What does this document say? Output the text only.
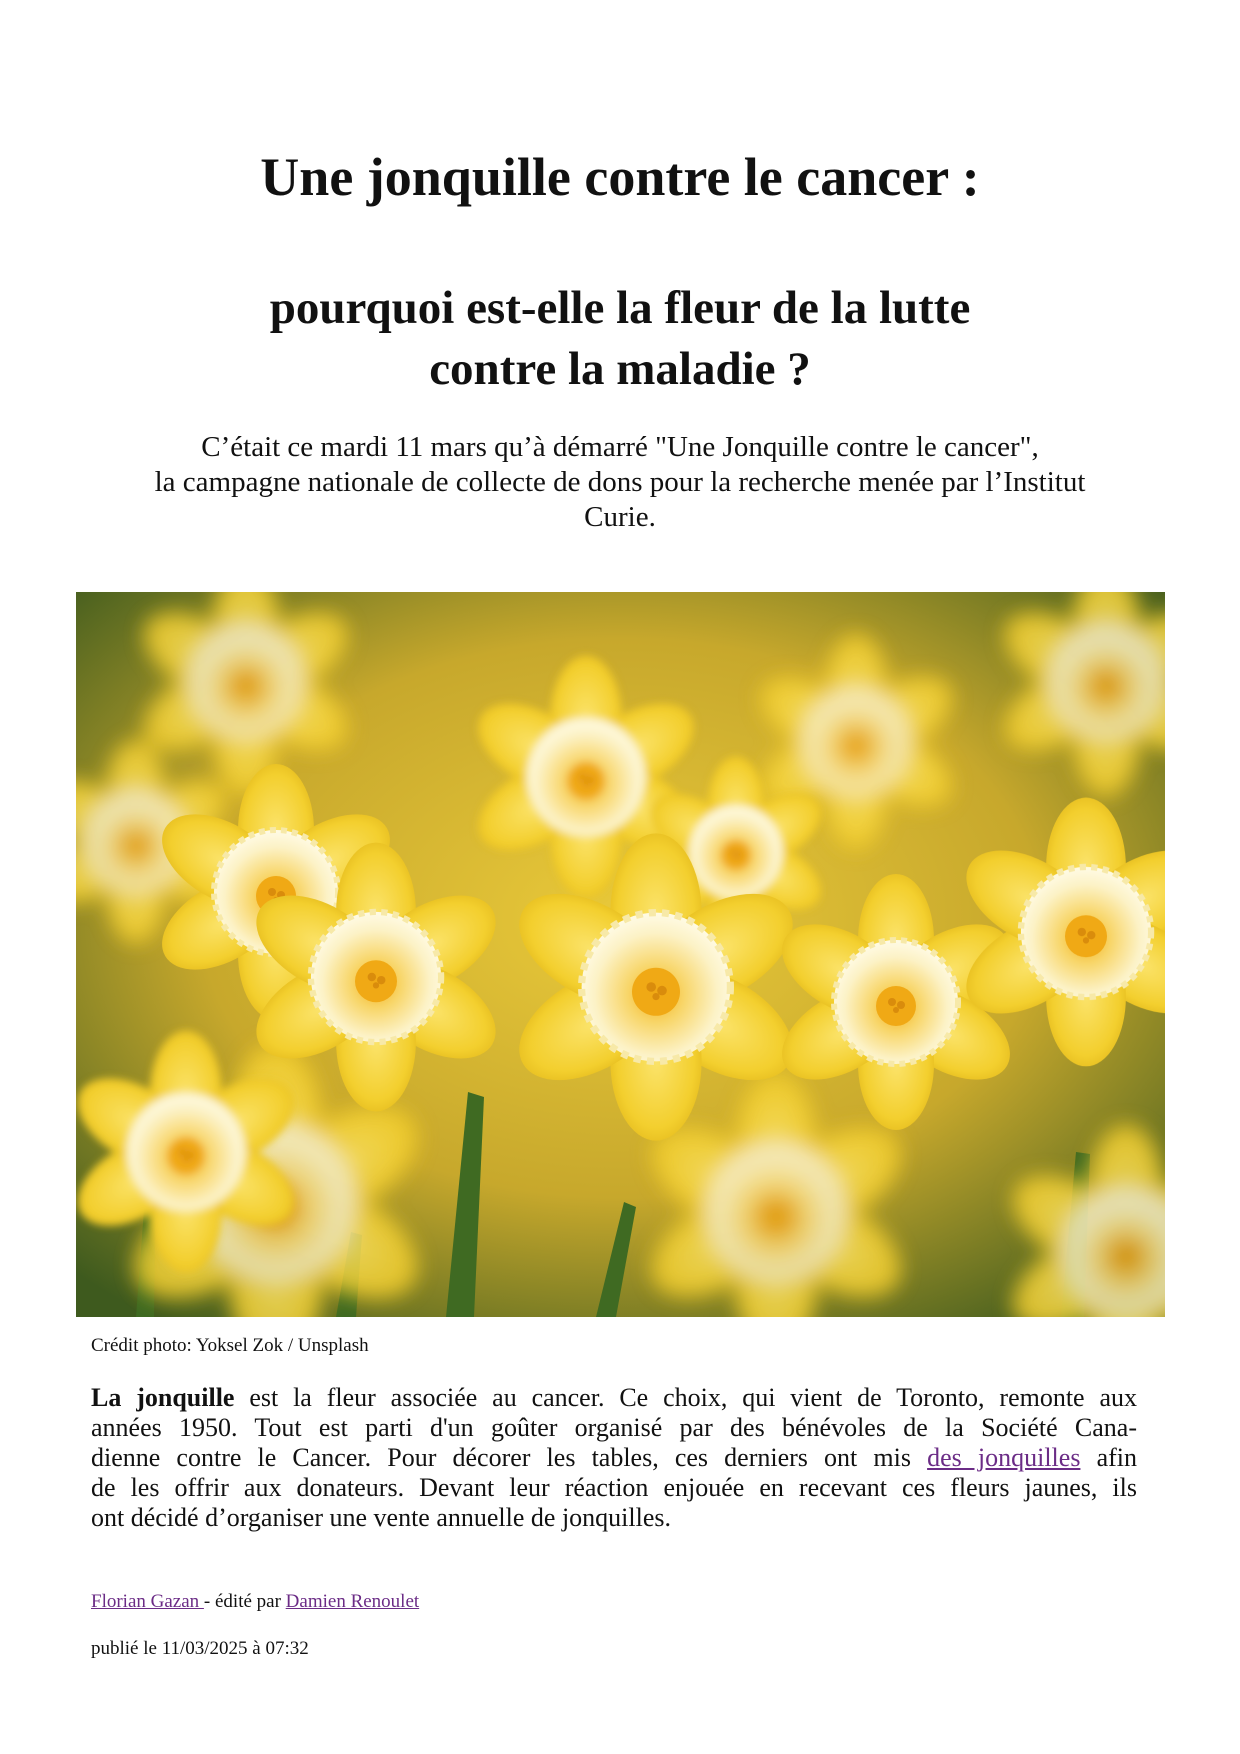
Une jonquille contre le cancer :
pourquoi est-elle la fleur de la lutte
contre la maladie ?

C’était ce mardi 11 mars qu’à démarré "Une Jonquille contre le cancer",
la campagne nationale de collecte de dons pour la recherche menée par l’Institut
Curie.

Crédit photo: Yoksel Zok / Unsplash

La jonquille est la fleur associée au cancer. Ce choix, qui vient de Toronto, remonte aux
années 1950. Tout est parti d'un goûter organisé par des bénévoles de la Société Cana-
dienne contre le Cancer. Pour décorer les tables, ces derniers ont mis des jonquilles afin
de les offrir aux donateurs. Devant leur réaction enjouée en recevant ces fleurs jaunes, ils
ont décidé d’organiser une vente annuelle de jonquilles.

Florian Gazan - édité par Damien Renoulet

publié le 11/03/2025 à 07:32
